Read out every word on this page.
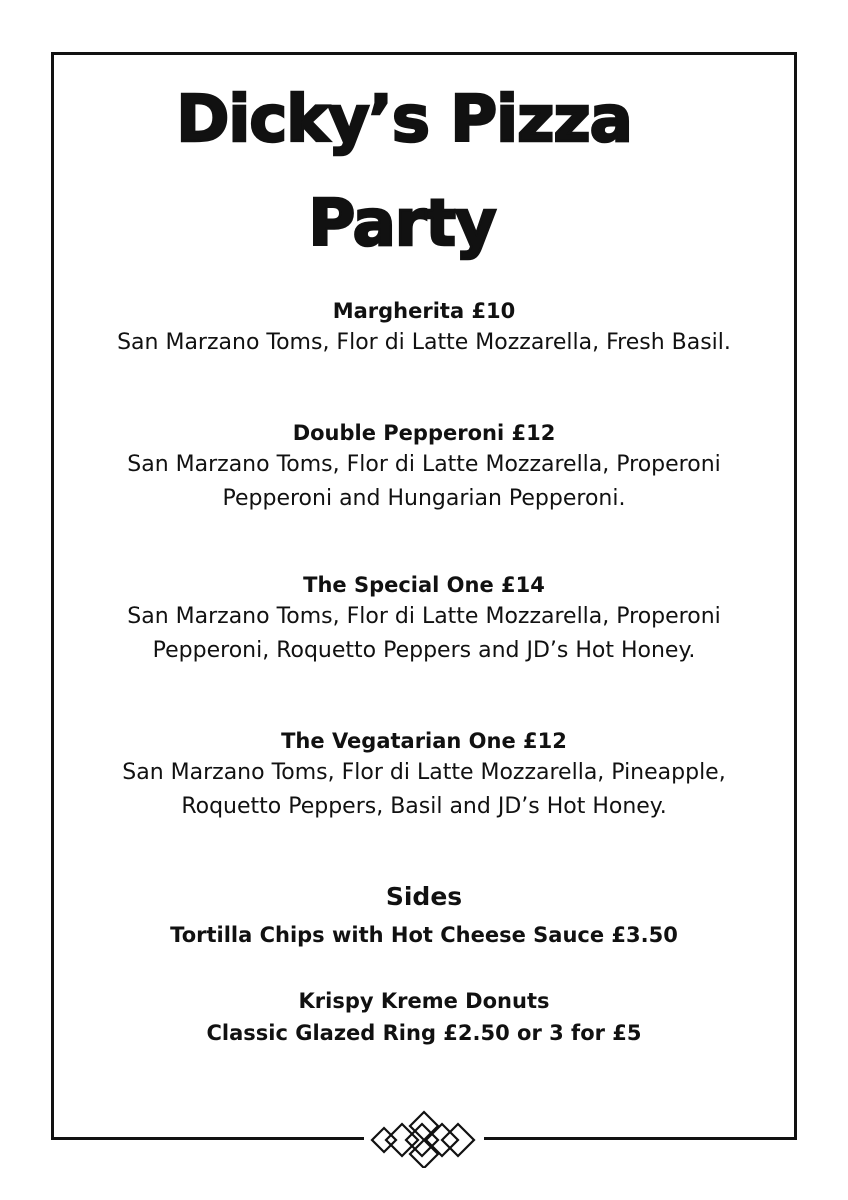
Dicky’s Pizza
Party
Margherita £10
San Marzano Toms, Flor di Latte Mozzarella, Fresh Basil.
Double Pepperoni £12
San Marzano Toms, Flor di Latte Mozzarella, Properoni
Pepperoni and Hungarian Pepperoni.
The Special One £14
San Marzano Toms, Flor di Latte Mozzarella, Properoni
Pepperoni, Roquetto Peppers and JD’s Hot Honey.
The Vegatarian One £12
San Marzano Toms, Flor di Latte Mozzarella, Pineapple,
Roquetto Peppers, Basil and JD’s Hot Honey.
Sides
Tortilla Chips with Hot Cheese Sauce £3.50
Krispy Kreme Donuts
Classic Glazed Ring £2.50 or 3 for £5
